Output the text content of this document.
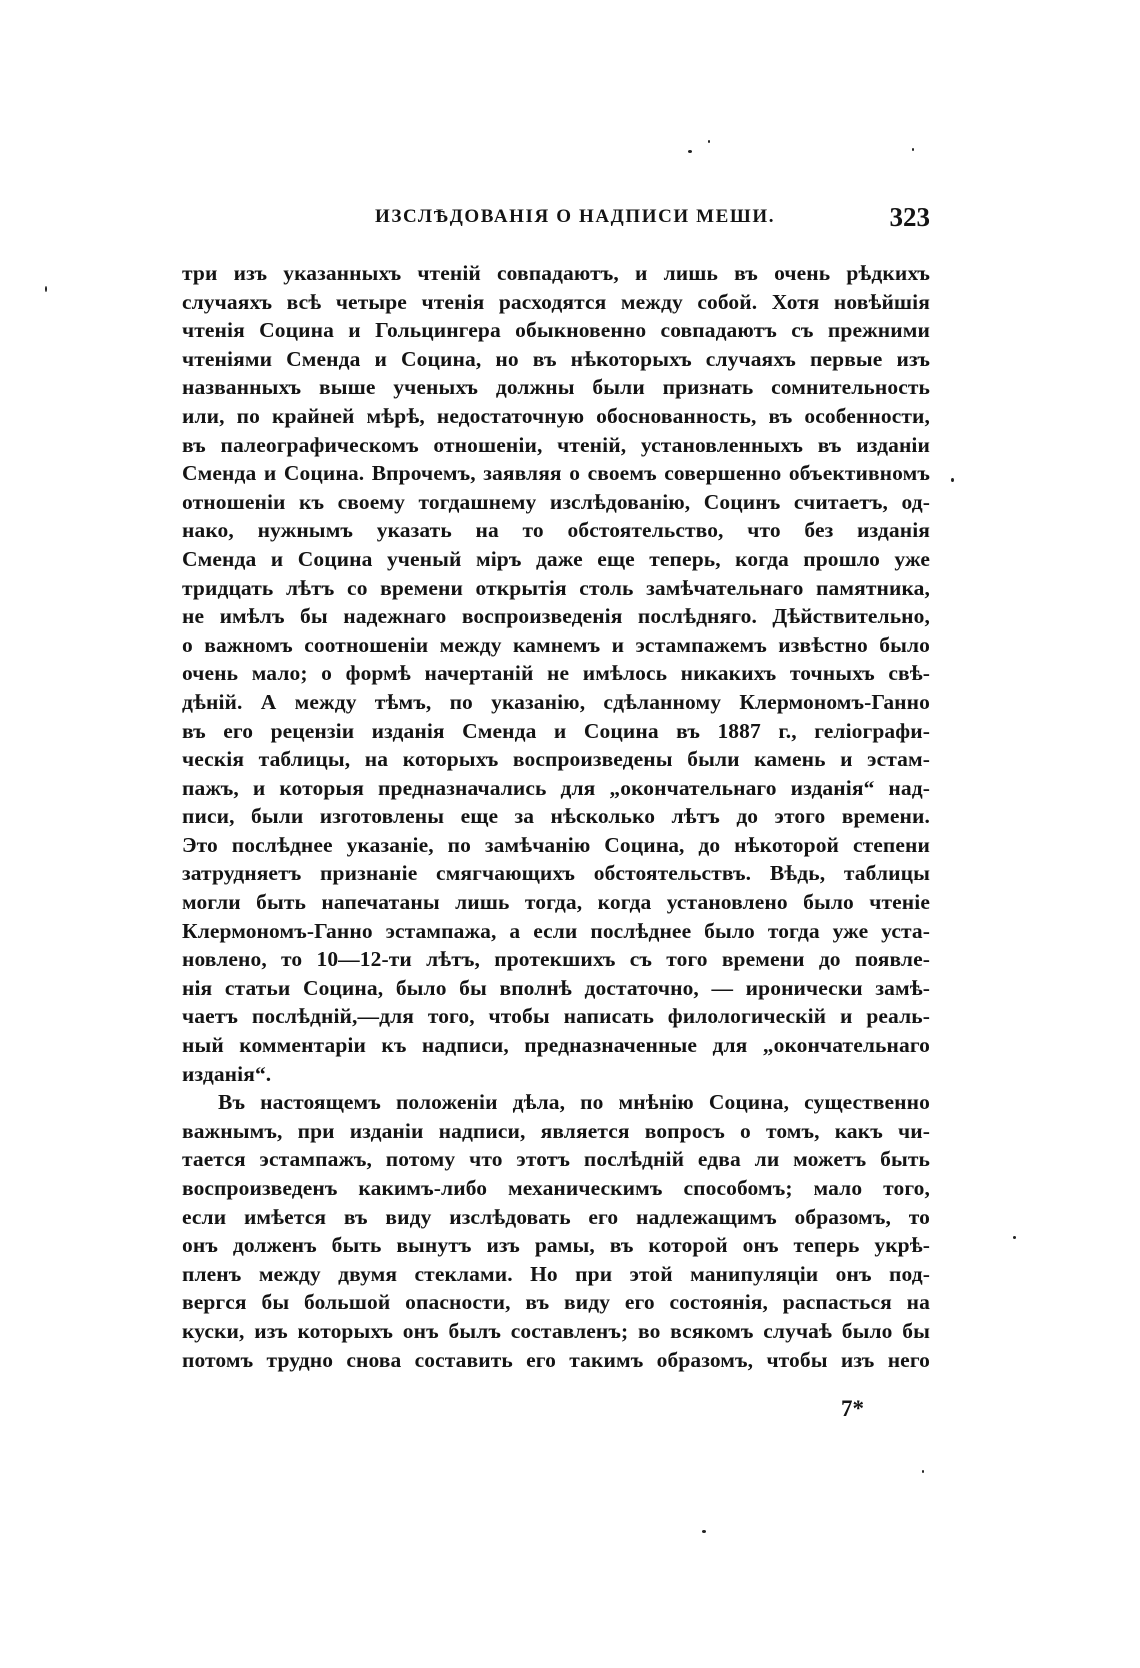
ИЗСЛѢДОВАНІЯ О НАДПИСИ МЕШИ.	323
три изъ указанныхъ чтеній совпадаютъ, и лишь въ очень рѣдкихъ
случаяхъ всѣ четыре чтенія расходятся между собой. Хотя новѣйшія
чтенія Социна и Гольцингера обыкновенно совпадаютъ съ прежними
чтеніями Сменда и Социна, но въ нѣкоторыхъ случаяхъ первые изъ
названныхъ выше ученыхъ должны были признать сомнительность
или, по крайней мѣрѣ, недостаточную обоснованность, въ особенности,
въ палеографическомъ отношеніи, чтеній, установленныхъ въ изданіи
Сменда и Социна. Впрочемъ, заявляя о своемъ совершенно объективномъ
отношеніи къ своему тогдашнему изслѣдованію, Социнъ считаетъ, од-
нако, нужнымъ указать на то обстоятельство, что без изданія
Сменда и Социна ученый міръ даже еще теперь, когда прошло уже
тридцать лѣтъ со времени открытія столь замѣчательнаго памятника,
не имѣлъ бы надежнаго воспроизведенія послѣдняго. Дѣйствительно,
о важномъ соотношеніи между камнемъ и эстампажемъ извѣстно было
очень мало; о формѣ начертаній не имѣлось никакихъ точныхъ свѣ-
дѣній. А между тѣмъ, по указанію, сдѣланному Клермономъ-Ганно
въ его рецензіи изданія Сменда и Социна въ 1887 г., геліографи-
ческія таблицы, на которыхъ воспроизведены были камень и эстам-
пажъ, и которыя предназначались для „окончательнаго изданія“ над-
писи, были изготовлены еще за нѣсколько лѣтъ до этого времени.
Это послѣднее указаніе, по замѣчанію Социна, до нѣкоторой степени
затрудняетъ признаніе смягчающихъ обстоятельствъ. Вѣдь, таблицы
могли быть напечатаны лишь тогда, когда установлено было чтеніе
Клермономъ-Ганно эстампажа, а если послѣднее было тогда уже уста-
новлено, то 10—12-ти лѣтъ, протекшихъ съ того времени до появле-
нія статьи Социна, было бы вполнѣ достаточно, — иронически замѣ-
чаетъ послѣдній,—для того, чтобы написать филологическій и реаль-
ный комментаріи къ надписи, предназначенные для „окончательнаго
изданія“.
Въ настоящемъ положеніи дѣла, по мнѣнію Социна, существенно
важнымъ, при изданіи надписи, является вопросъ о томъ, какъ чи-
тается эстампажъ, потому что этотъ послѣдній едва ли можетъ быть
воспроизведенъ какимъ-либо механическимъ способомъ; мало того,
если имѣется въ виду изслѣдовать его надлежащимъ образомъ, то
онъ долженъ быть вынутъ изъ рамы, въ которой онъ теперь укрѣ-
пленъ между двумя стеклами. Но при этой манипуляціи онъ под-
вергся бы большой опасности, въ виду его состоянія, распасться на
куски, изъ которыхъ онъ былъ составленъ; во всякомъ случаѣ было бы
потомъ трудно снова составить его такимъ образомъ, чтобы изъ него
7*
